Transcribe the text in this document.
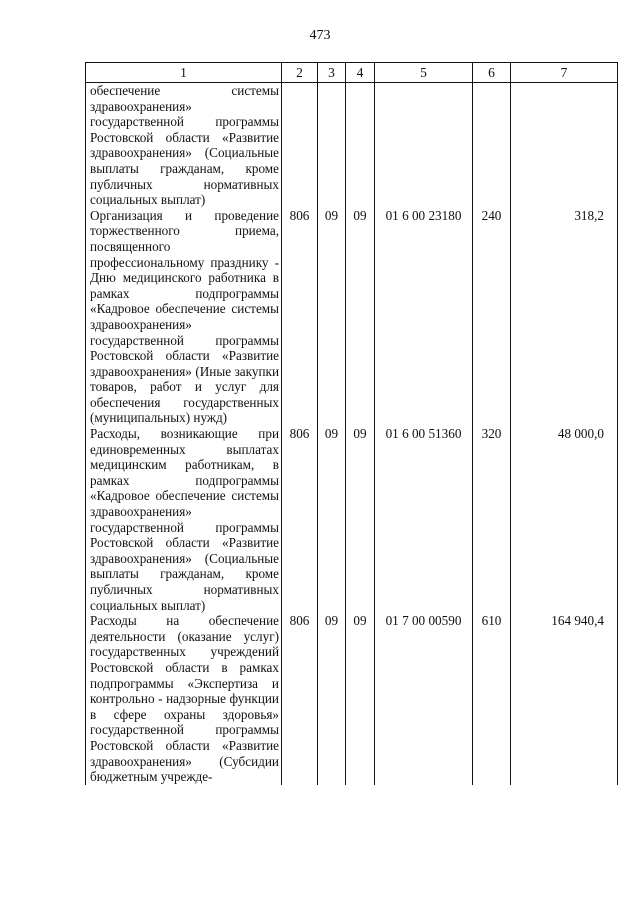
473
1	2	3	4	5	6	7
обеспечение системы здравоохранения» государственной программы Ростовской области «Развитие здравоохранения» (Социальные выплаты гражданам, кроме публичных нормативных социальных выплат)						
Организация и проведение торжественного приема, посвященного профессиональному празднику - Дню медицинского работника в рамках подпрограммы «Кадровое обеспечение системы здравоохранения» государственной программы Ростовской области «Развитие здравоохранения» (Иные закупки товаров, работ и услуг для обеспечения государственных (муниципальных) нужд)	806	09	09	01 6 00 23180	240	318,2
Расходы, возникающие при единовременных выплатах медицинским работникам, в рамках подпрограммы «Кадровое обеспечение системы здравоохранения» государственной программы Ростовской области «Развитие здравоохранения» (Социальные выплаты гражданам, кроме публичных нормативных социальных выплат)	806	09	09	01 6 00 51360	320	48 000,0
Расходы на обеспечение деятельности (оказание услуг) государственных учреждений Ростовской области в рамках подпрограммы «Экспертиза и контрольно - надзорные функции в сфере охраны здоровья» государственной программы Ростовской области «Развитие здравоохранения» (Субсидии бюджетным учрежде-	806	09	09	01 7 00 00590	610	164 940,4
